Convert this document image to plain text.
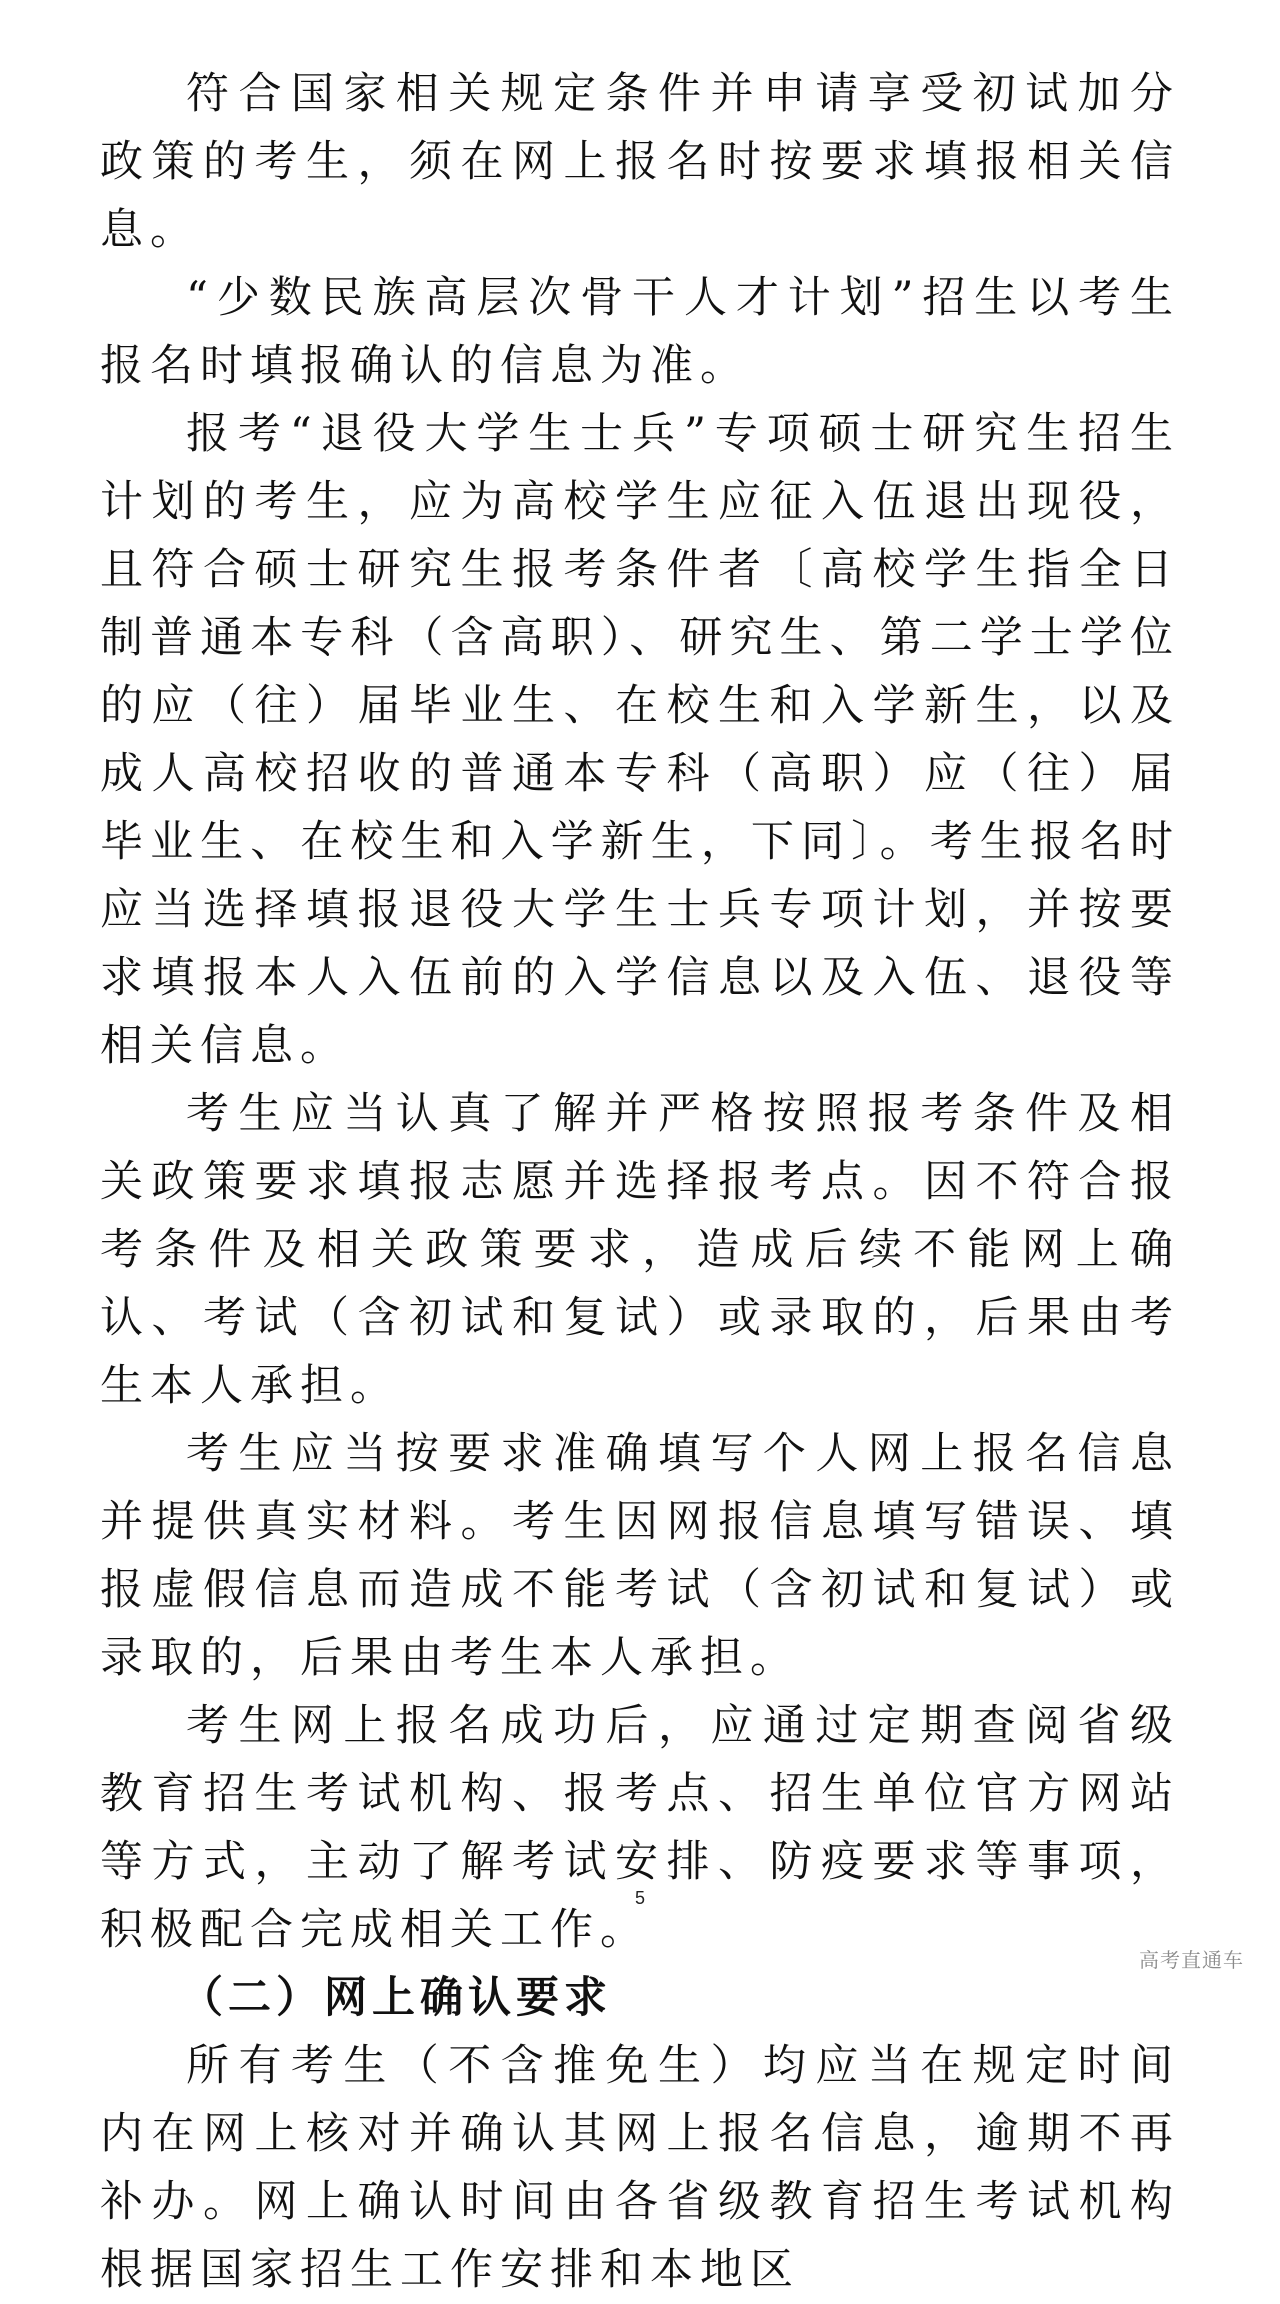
符合国家相关规定条件并申请享受初试加分政策的考生，须在网上报名时按要求填报相关信息。

“少数民族高层次骨干人才计划”招生以考生报名时填报确认的信息为准。

报考“退役大学生士兵”专项硕士研究生招生计划的考生，应为高校学生应征入伍退出现役，且符合硕士研究生报考条件者〔高校学生指全日制普通本专科（含高职）、研究生、第二学士学位的应（往）届毕业生、在校生和入学新生，以及成人高校招收的普通本专科（高职）应（往）届毕业生、在校生和入学新生，下同〕。考生报名时应当选择填报退役大学生士兵专项计划，并按要求填报本人入伍前的入学信息以及入伍、退役等相关信息。

考生应当认真了解并严格按照报考条件及相关政策要求填报志愿并选择报考点。因不符合报考条件及相关政策要求，造成后续不能网上确认、考试（含初试和复试）或录取的，后果由考生本人承担。

考生应当按要求准确填写个人网上报名信息并提供真实材料。考生因网报信息填写错误、填报虚假信息而造成不能考试（含初试和复试）或录取的，后果由考生本人承担。

考生网上报名成功后，应通过定期查阅省级教育招生考试机构、报考点、招生单位官方网站等方式，主动了解考试安排、防疫要求等事项，积极配合完成相关工作。

（二）网上确认要求

所有考生（不含推免生）均应当在规定时间内在网上核对并确认其网上报名信息，逾期不再补办。网上确认时间由各省级教育招生考试机构根据国家招生工作安排和本地区

5
高考直通车
